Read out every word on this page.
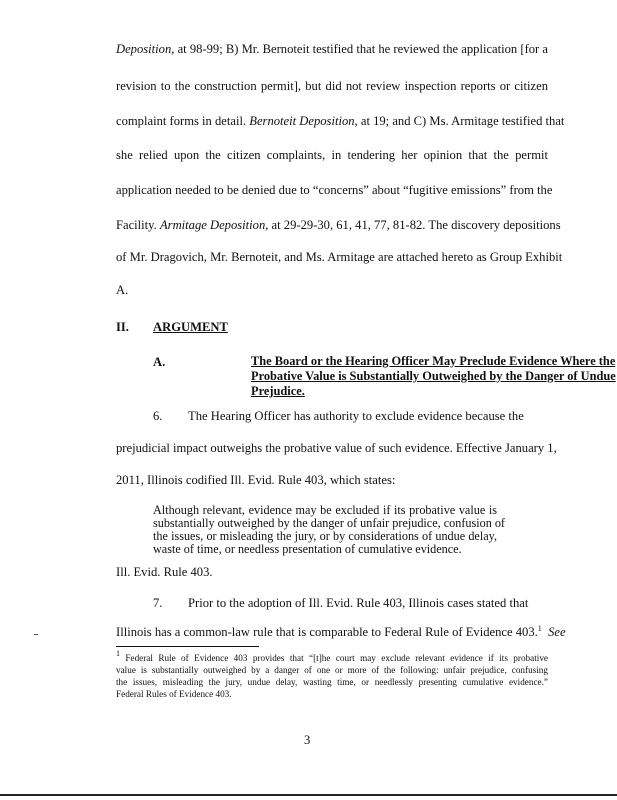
Deposition, at 98-99; B) Mr. Bernoteit testified that he reviewed the application [for a
revision to the construction permit], but did not review inspection reports or citizen
complaint forms in detail. Bernoteit Deposition, at 19; and C) Ms. Armitage testified that
she relied upon the citizen complaints, in tendering her opinion that the permit
application needed to be denied due to “concerns” about “fugitive emissions” from the
Facility. Armitage Deposition, at 29-29-30, 61, 41, 77, 81-82. The discovery depositions
of Mr. Dragovich, Mr. Bernoteit, and Ms. Armitage are attached hereto as Group Exhibit
A.
II. ARGUMENT
A.	The Board or the Hearing Officer May Preclude Evidence Where the
Probative Value is Substantially Outweighed by the Danger of Undue
Prejudice.
6. The Hearing Officer has authority to exclude evidence because the
prejudicial impact outweighs the probative value of such evidence. Effective January 1,
2011, Illinois codified Ill. Evid. Rule 403, which states:
Although relevant, evidence may be excluded if its probative value is
substantially outweighed by the danger of unfair prejudice, confusion of
the issues, or misleading the jury, or by considerations of undue delay,
waste of time, or needless presentation of cumulative evidence.
Ill. Evid. Rule 403.
7. Prior to the adoption of Ill. Evid. Rule 403, Illinois cases stated that
Illinois has a common-law rule that is comparable to Federal Rule of Evidence 403.$^1$ See
$^1$ Federal Rule of Evidence 403 provides that “[t]he court may exclude relevant evidence if its probative
value is substantially outweighed by a danger of one or more of the following: unfair prejudice, confusing
the issues, misleading the jury, undue delay, wasting time, or needlessly presenting cumulative evidence.”
Federal Rules of Evidence 403.
3
